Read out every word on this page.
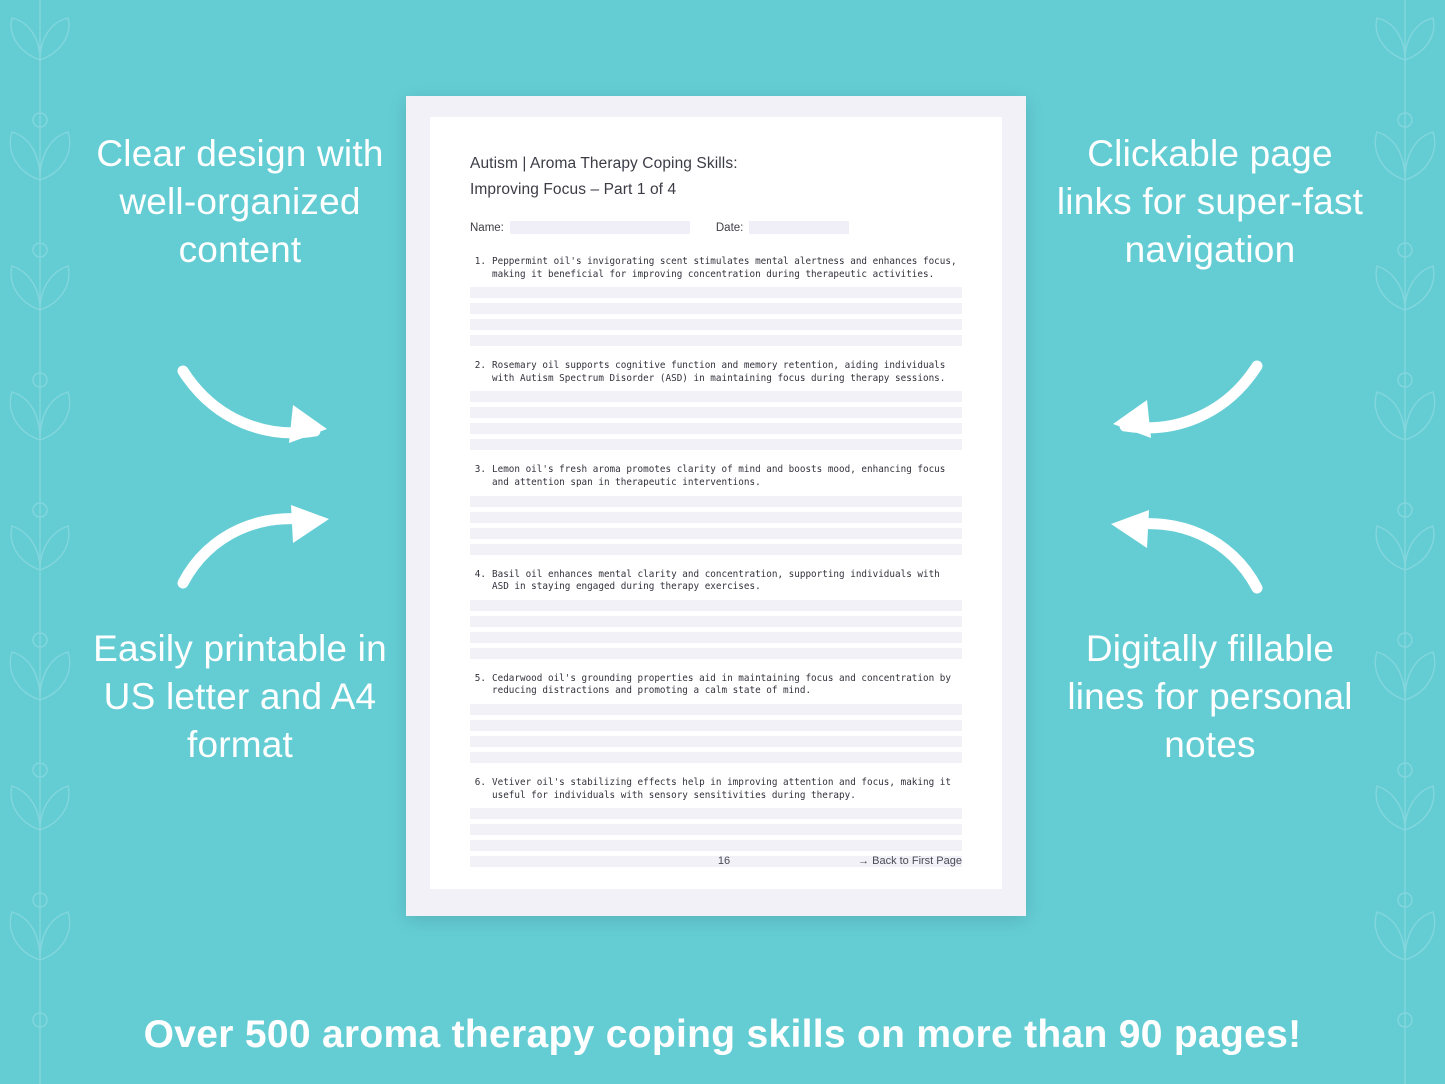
Clear design with well-organized content
Easily printable in US letter and A4 format
Clickable page links for super-fast navigation
Digitally fillable lines for personal notes
Autism | Aroma Therapy Coping Skills:
Improving Focus – Part 1 of 4
Name:	Date:
1. Peppermint oil's invigorating scent stimulates mental alertness and enhances focus, making it beneficial for improving concentration during therapeutic activities.
2. Rosemary oil supports cognitive function and memory retention, aiding individuals with Autism Spectrum Disorder (ASD) in maintaining focus during therapy sessions.
3. Lemon oil's fresh aroma promotes clarity of mind and boosts mood, enhancing focus and attention span in therapeutic interventions.
4. Basil oil enhances mental clarity and concentration, supporting individuals with ASD in staying engaged during therapy exercises.
5. Cedarwood oil's grounding properties aid in maintaining focus and concentration by reducing distractions and promoting a calm state of mind.
6. Vetiver oil's stabilizing effects help in improving attention and focus, making it useful for individuals with sensory sensitivities during therapy.
16	→ Back to First Page
Over 500 aroma therapy coping skills on more than 90 pages!
